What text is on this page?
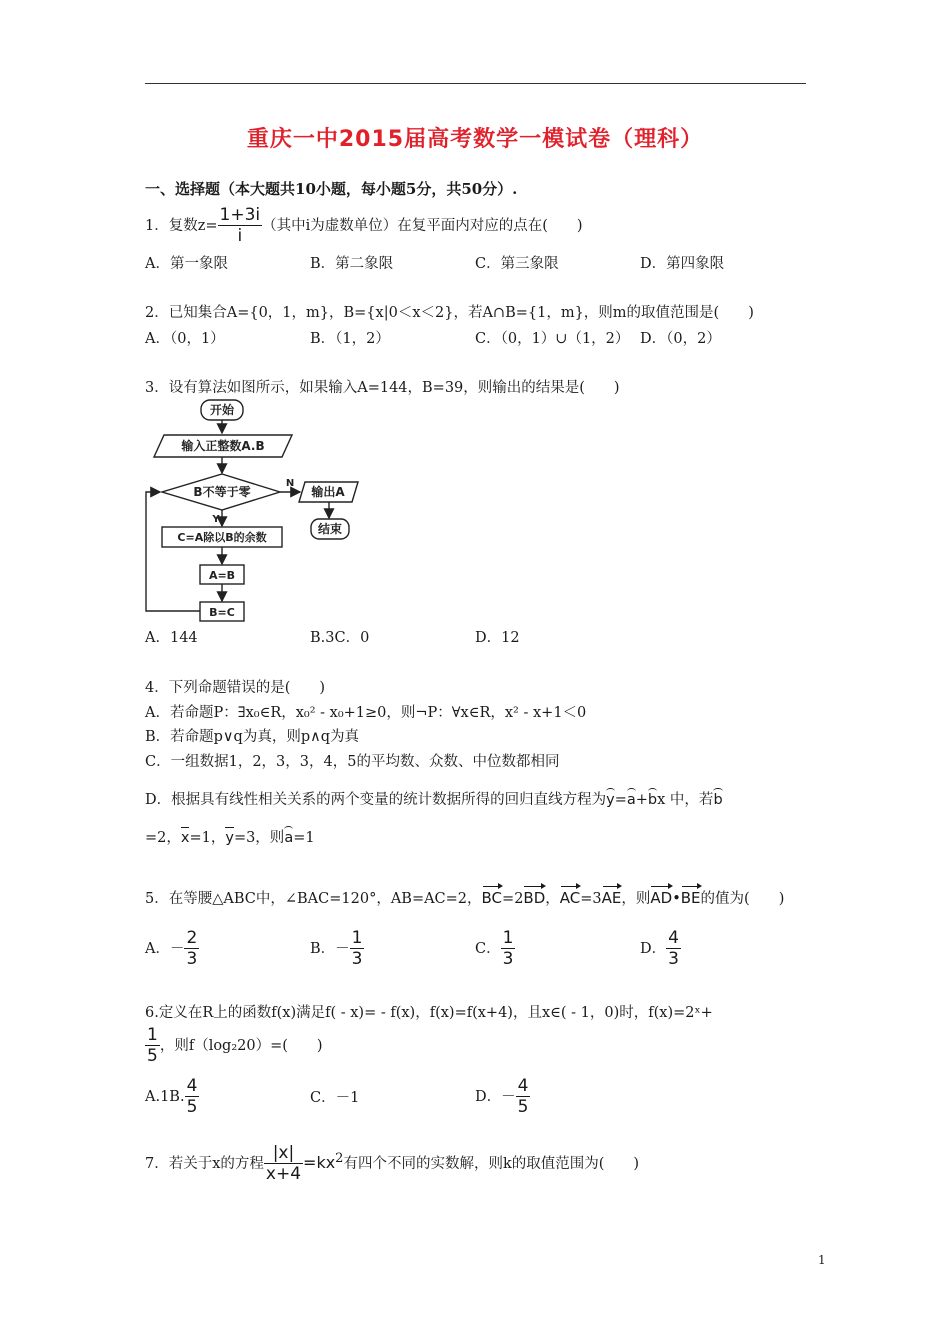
重庆一中2015届高考数学一模试卷（理科）
一、选择题（本大题共10小题，每小题5分，共50分）.
1．复数$z= \frac{1+3i}{i}$ （其中i为虚数单位）在复平面内对应的点在(　　)
A．第一象限	B．第二象限	C．第三象限	D．第四象限
2．已知集合A={0，1，m}，B={x|0＜x＜2}，若A∩B={1，m}，则m的取值范围是(　　)
A．（0，1）	B．（1，2）	C．（0，1）∪（1，2） D．（0，2）
3．设有算法如图所示，如果输入A=144，B=39，则输出的结果是(　　)
开始
输入正整数A.B
B不等于零
N
输出A
结束
Y
C=A除以B的余数
A=B
B=C
A．144	B.3C．0	D．12
4．下列命题错误的是(　　)
A．若命题P：∃x₀∈R，x₀² - x₀+1≥0，则¬P：∀x∈R，x² - x+1＜0
B．若命题p∨q为真，则p∧q为真
C．一组数据1，2，3，3，4，5的平均数、众数、中位数都相同
D．根据具有线性相关关系的两个变量的统计数据所得的回归直线方程为y=a+bx 中，若b
=2，x=1，y=3，则a=1
5．在等腰△ABC中，∠BAC=120°，AB=AC=2，BC=2BD，AC=3AE，则AD•BE的值为(　　)
A．－ $\frac{2}{3}$	B．－ $\frac{1}{3}$	C． $\frac{1}{3}$	D． $\frac{4}{3}$
6.定义在R上的函数f(x)满足f( - x)= - f(x)，f(x)=f(x+4)，且x∈( - 1，0)时，f(x)=2ˣ+
$\frac{1}{5}$ ，则f（log₂20）=(　　)
A.1B. $\frac{4}{5}$	C．－1	D．－ $\frac{4}{5}$
7．若关于x的方程 $\frac{|x|}{x+4} =kx^2$有四个不同的实数解，则k的取值范围为(　　)
1
